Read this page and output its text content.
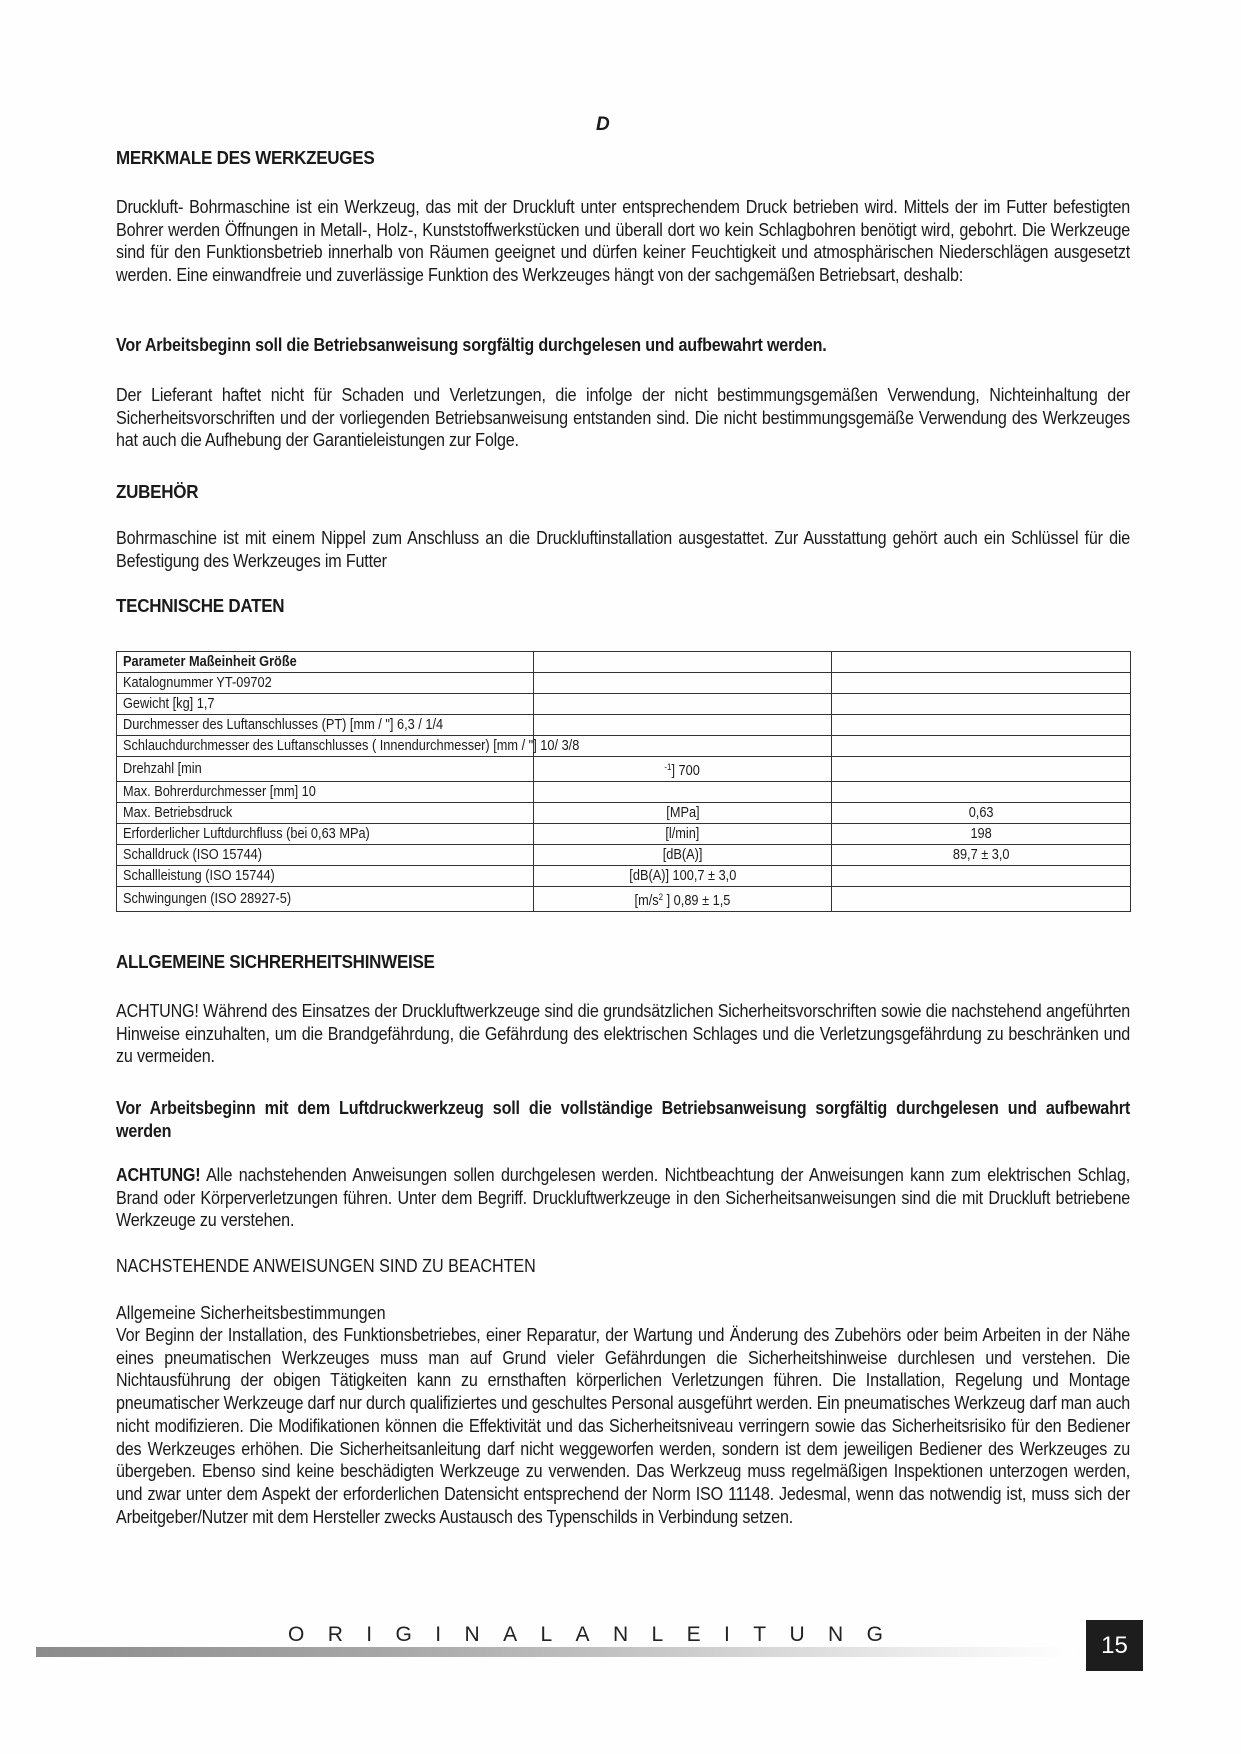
D
MERKMALE DES WERKZEUGES

Druckluft- Bohrmaschine ist ein Werkzeug, das mit der Druckluft unter entsprechendem Druck betrieben wird. Mittels der im Futter befestigten Bohrer werden Öffnungen in Metall-, Holz-, Kunststoffwerkstücken und überall dort wo kein Schlagbohren benötigt wird, gebohrt. Die Werkzeuge sind für den Funktionsbetrieb innerhalb von Räumen geeignet und dürfen keiner Feuchtigkeit und atmosphärischen Niederschlägen ausgesetzt werden. Eine einwandfreie und zuverlässige Funktion des Werkzeuges hängt von der sachgemäßen Betriebsart, deshalb:

Vor Arbeitsbeginn soll die Betriebsanweisung sorgfältig durchgelesen und aufbewahrt werden.

Der Lieferant haftet nicht für Schaden und Verletzungen, die infolge der nicht bestimmungsgemäßen Verwendung, Nichteinhaltung der Sicherheitsvorschriften und der vorliegenden Betriebsanweisung entstanden sind. Die nicht bestimmungsgemäße Verwendung des Werkzeuges hat auch die Aufhebung der Garantieleistungen zur Folge.

ZUBEHÖR

Bohrmaschine ist mit einem Nippel zum Anschluss an die Druckluftinstallation ausgestattet. Zur Ausstattung gehört auch ein Schlüssel für die Befestigung des Werkzeuges im Futter

TECHNISCHE DATEN
Parameter Maßeinheit Größe		
Katalognummer YT-09702		
Gewicht [kg] 1,7		
Durchmesser des Luftanschlusses (PT) [mm / "] 6,3 / 1/4		
Schlauchdurchmesser des Luftanschlusses ( Innendurchmesser) [mm / "] 10/ 3/8		
Drehzahl [min	$^{-1}$] 700	
Max. Bohrerdurchmesser [mm] 10		
Max. Betriebsdruck	[MPa]	0,63
Erforderlicher Luftdurchfluss (bei 0,63 MPa)	[l/min]	198
Schalldruck (ISO 15744)	[dB(A)]	89,7 ± 3,0
Schallleistung (ISO 15744)	[dB(A)] 100,7 ± 3,0	
Schwingungen (ISO 28927-5)	[$m/s^2$ ] 0,89 ± 1,5	
ALLGEMEINE SICHRERHEITSHINWEISE

ACHTUNG! Während des Einsatzes der Druckluftwerkzeuge sind die grundsätzlichen Sicherheitsvorschriften sowie die nachstehend angeführten Hinweise einzuhalten, um die Brandgefährdung, die Gefährdung des elektrischen Schlages und die Verletzungsgefährdung zu beschränken und zu vermeiden.

Vor Arbeitsbeginn mit dem Luftdruckwerkzeug soll die vollständige Betriebsanweisung sorgfältig durchgelesen und aufbewahrt werden

ACHTUNG! Alle nachstehenden Anweisungen sollen durchgelesen werden. Nichtbeachtung der Anweisungen kann zum elektrischen Schlag, Brand oder Körperverletzungen führen. Unter dem Begriff. Druckluftwerkzeuge in den Sicherheitsanweisungen sind die mit Druckluft betriebene Werkzeuge zu verstehen.

NACHSTEHENDE ANWEISUNGEN SIND ZU BEACHTEN

Allgemeine Sicherheitsbestimmungen

Vor Beginn der Installation, des Funktionsbetriebes, einer Reparatur, der Wartung und Änderung des Zubehörs oder beim Arbeiten in der Nähe eines pneumatischen Werkzeuges muss man auf Grund vieler Gefährdungen die Sicherheitshinweise durchlesen und verstehen. Die Nichtausführung der obigen Tätigkeiten kann zu ernsthaften körperlichen Verletzungen führen. Die Installation, Regelung und Montage pneumatischer Werkzeuge darf nur durch qualifiziertes und geschultes Personal ausgeführt werden. Ein pneumatisches Werkzeug darf man auch nicht modifizieren. Die Modifikationen können die Effektivität und das Sicherheitsniveau verringern sowie das Sicherheitsrisiko für den Bediener des Werkzeuges erhöhen. Die Sicherheitsanleitung darf nicht weggeworfen werden, sondern ist dem jeweiligen Bediener des Werkzeuges zu übergeben. Ebenso sind keine beschädigten Werkzeuge zu verwenden. Das Werkzeug muss regelmäßigen Inspektionen unterzogen werden, und zwar unter dem Aspekt der erforderlichen Datensicht entsprechend der Norm ISO 11148. Jedesmal, wenn das notwendig ist, muss sich der Arbeitgeber/Nutzer mit dem Hersteller zwecks Austausch des Typenschilds in Verbindung setzen.

ORIGINALANLEITUNG	15
